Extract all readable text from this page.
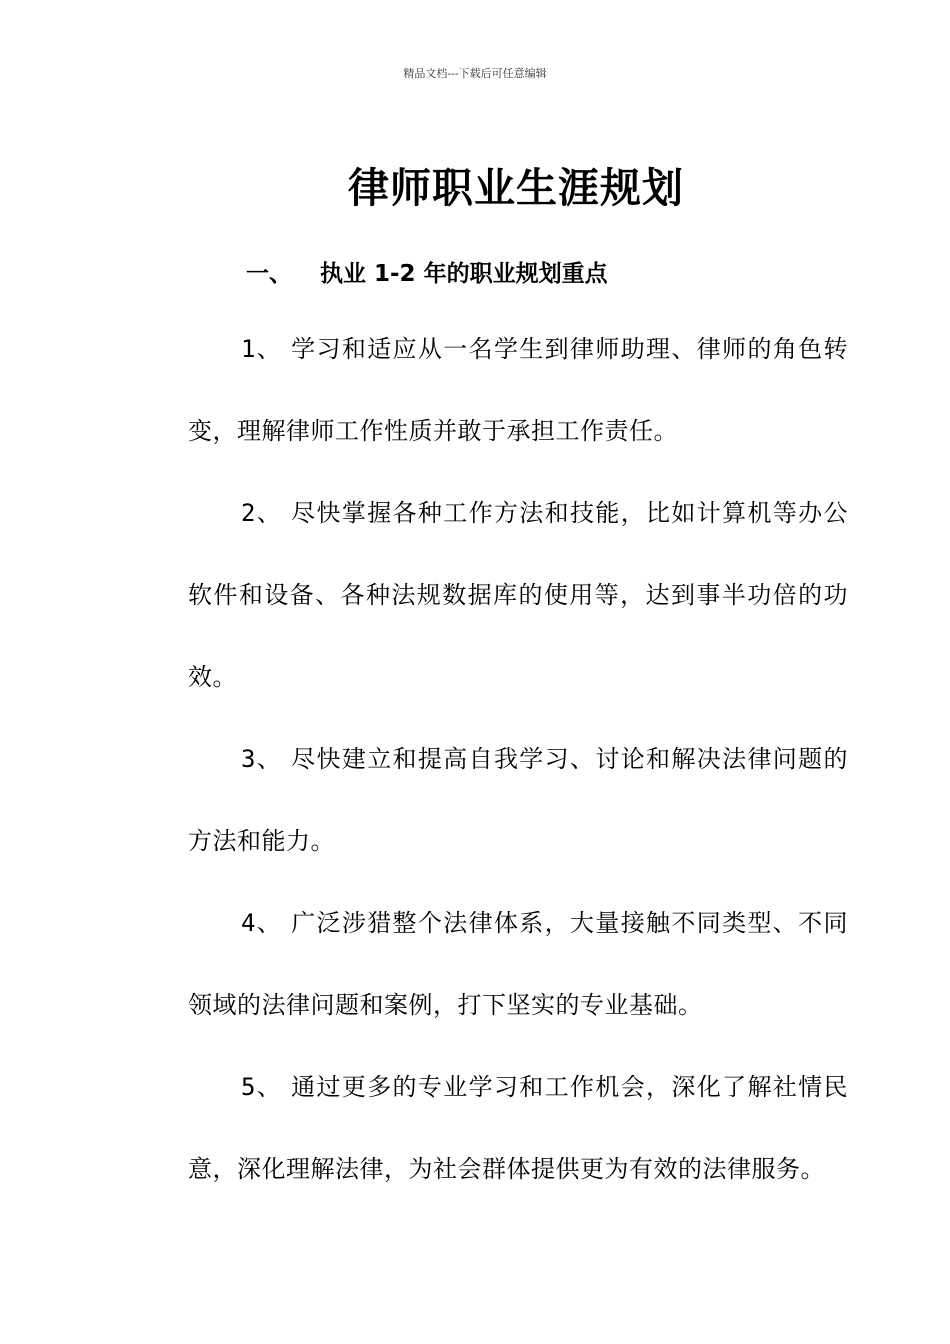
精品文档---下载后可任意编辑
律师职业生涯规划
一、 执业 1-2 年的职业规划重点

1、 学习和适应从一名学生到律师助理、律师的角色转变，理解律师工作性质并敢于承担工作责任。

2、 尽快掌握各种工作方法和技能，比如计算机等办公软件和设备、各种法规数据库的使用等，达到事半功倍的功效。

3、 尽快建立和提高自我学习、讨论和解决法律问题的方法和能力。

4、 广泛涉猎整个法律体系，大量接触不同类型、不同领域的法律问题和案例，打下坚实的专业基础。

5、 通过更多的专业学习和工作机会，深化了解社情民意，深化理解法律，为社会群体提供更为有效的法律服务。
